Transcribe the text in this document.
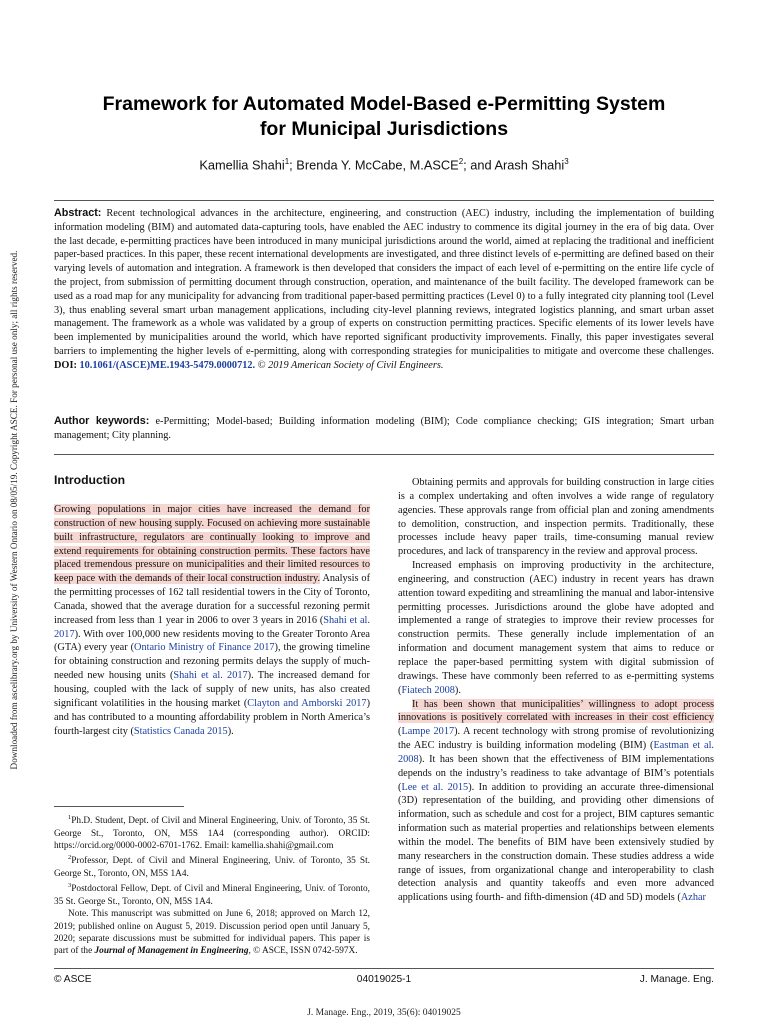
Downloaded from ascelibrary.org by University of Western Ontario on 08/05/19. Copyright ASCE. For personal use only; all rights reserved.
Framework for Automated Model-Based e-Permitting System
for Municipal Jurisdictions
Kamellia Shahi$^1$; Brenda Y. McCabe, M.ASCE$^2$; and Arash Shahi$^3$
Abstract: Recent technological advances in the architecture, engineering, and construction (AEC) industry, including the implementation of building information modeling (BIM) and automated data-capturing tools, have enabled the AEC industry to commence its digital journey in the era of big data. Over the last decade, e-permitting practices have been introduced in many municipal jurisdictions around the world, aimed at replacing the traditional and inefficient paper-based practices. In this paper, these recent international developments are investigated, and three distinct levels of e-permitting are defined based on their varying levels of automation and integration. A framework is then developed that considers the impact of each level of e-permitting on the entire life cycle of the project, from submission of permitting document through construction, operation, and maintenance of the built facility. The developed framework can be used as a road map for any municipality for advancing from traditional paper-based permitting practices (Level 0) to a fully integrated city planning tool (Level 3), thus enabling several smart urban management applications, including city-level planning reviews, integrated logistics planning, and smart urban asset management. The framework as a whole was validated by a group of experts on construction permitting practices. Specific elements of its lower levels have been implemented by municipalities around the world, which have reported significant productivity improvements. Finally, this paper investigates several barriers to implementing the higher levels of e-permitting, along with corresponding strategies for municipalities to mitigate and overcome these challenges. DOI: 10.1061/(ASCE)ME.1943-5479.0000712. © 2019 American Society of Civil Engineers.
Author keywords: e-Permitting; Model-based; Building information modeling (BIM); Code compliance checking; GIS integration; Smart urban management; City planning.
Introduction

Growing populations in major cities have increased the demand for construction of new housing supply. Focused on achieving more sustainable built infrastructure, regulators are continually looking to improve and extend requirements for obtaining construction permits. These factors have placed tremendous pressure on municipalities and their limited resources to keep pace with the demands of their local construction industry. Analysis of the permitting processes of 162 tall residential towers in the City of Toronto, Canada, showed that the average duration for a successful rezoning permit increased from less than 1 year in 2006 to over 3 years in 2016 (Shahi et al. 2017). With over 100,000 new residents moving to the Greater Toronto Area (GTA) every year (Ontario Ministry of Finance 2017), the growing timeline for obtaining construction and rezoning permits delays the supply of much-needed new housing units (Shahi et al. 2017). The increased demand for housing, coupled with the lack of supply of new units, has also created significant volatilities in the housing market (Clayton and Amborski 2017) and has contributed to a mounting affordability problem in North America’s fourth-largest city (Statistics Canada 2015).

$^1$Ph.D. Student, Dept. of Civil and Mineral Engineering, Univ. of Toronto, 35 St. George St., Toronto, ON, M5S 1A4 (corresponding author). ORCID: https://orcid.org/0000-0002-6701-1762. Email: kamellia.shahi@gmail.com

$^2$Professor, Dept. of Civil and Mineral Engineering, Univ. of Toronto, 35 St. George St., Toronto, ON, M5S 1A4.

$^3$Postdoctoral Fellow, Dept. of Civil and Mineral Engineering, Univ. of Toronto, 35 St. George St., Toronto, ON, M5S 1A4.

Note. This manuscript was submitted on June 6, 2018; approved on March 12, 2019; published online on August 5, 2019. Discussion period open until January 5, 2020; separate discussions must be submitted for individual papers. This paper is part of the Journal of Management in Engineering, © ASCE, ISSN 0742-597X.

Obtaining permits and approvals for building construction in large cities is a complex undertaking and often involves a wide range of regulatory agencies. These approvals range from official plan and zoning amendments to demolition, construction, and inspection permits. Traditionally, these processes include heavy paper trails, time-consuming manual review procedures, and lack of transparency in the review and approval process.

Increased emphasis on improving productivity in the architecture, engineering, and construction (AEC) industry in recent years has drawn attention toward expediting and streamlining the manual and labor-intensive permitting processes. Jurisdictions around the globe have adopted and implemented a range of strategies to improve their review processes for construction permits. These generally include implementation of an information and document management system that aims to reduce or replace the paper-based permitting system with digital submission of drawings. These have commonly been referred to as e-permitting systems (Fiatech 2008).

It has been shown that municipalities’ willingness to adopt process innovations is positively correlated with increases in their cost efficiency (Lampe 2017). A recent technology with strong promise of revolutionizing the AEC industry is building information modeling (BIM) (Eastman et al. 2008). It has been shown that the effectiveness of BIM implementations depends on the industry’s readiness to take advantage of BIM’s potentials (Lee et al. 2015). In addition to providing an accurate three-dimensional (3D) representation of the building, and providing other dimensions of information, such as schedule and cost for a project, BIM captures semantic information such as material properties and relationships between elements within the model. The benefits of BIM have been extensively studied by many researchers in the construction domain. These studies address a wide range of issues, from organizational change and interoperability to clash detection analysis and quantity takeoffs and even more advanced applications using fourth- and fifth-dimension (4D and 5D) models (Azhar

© ASCE	04019025-1	J. Manage. Eng.
J. Manage. Eng., 2019, 35(6): 04019025
